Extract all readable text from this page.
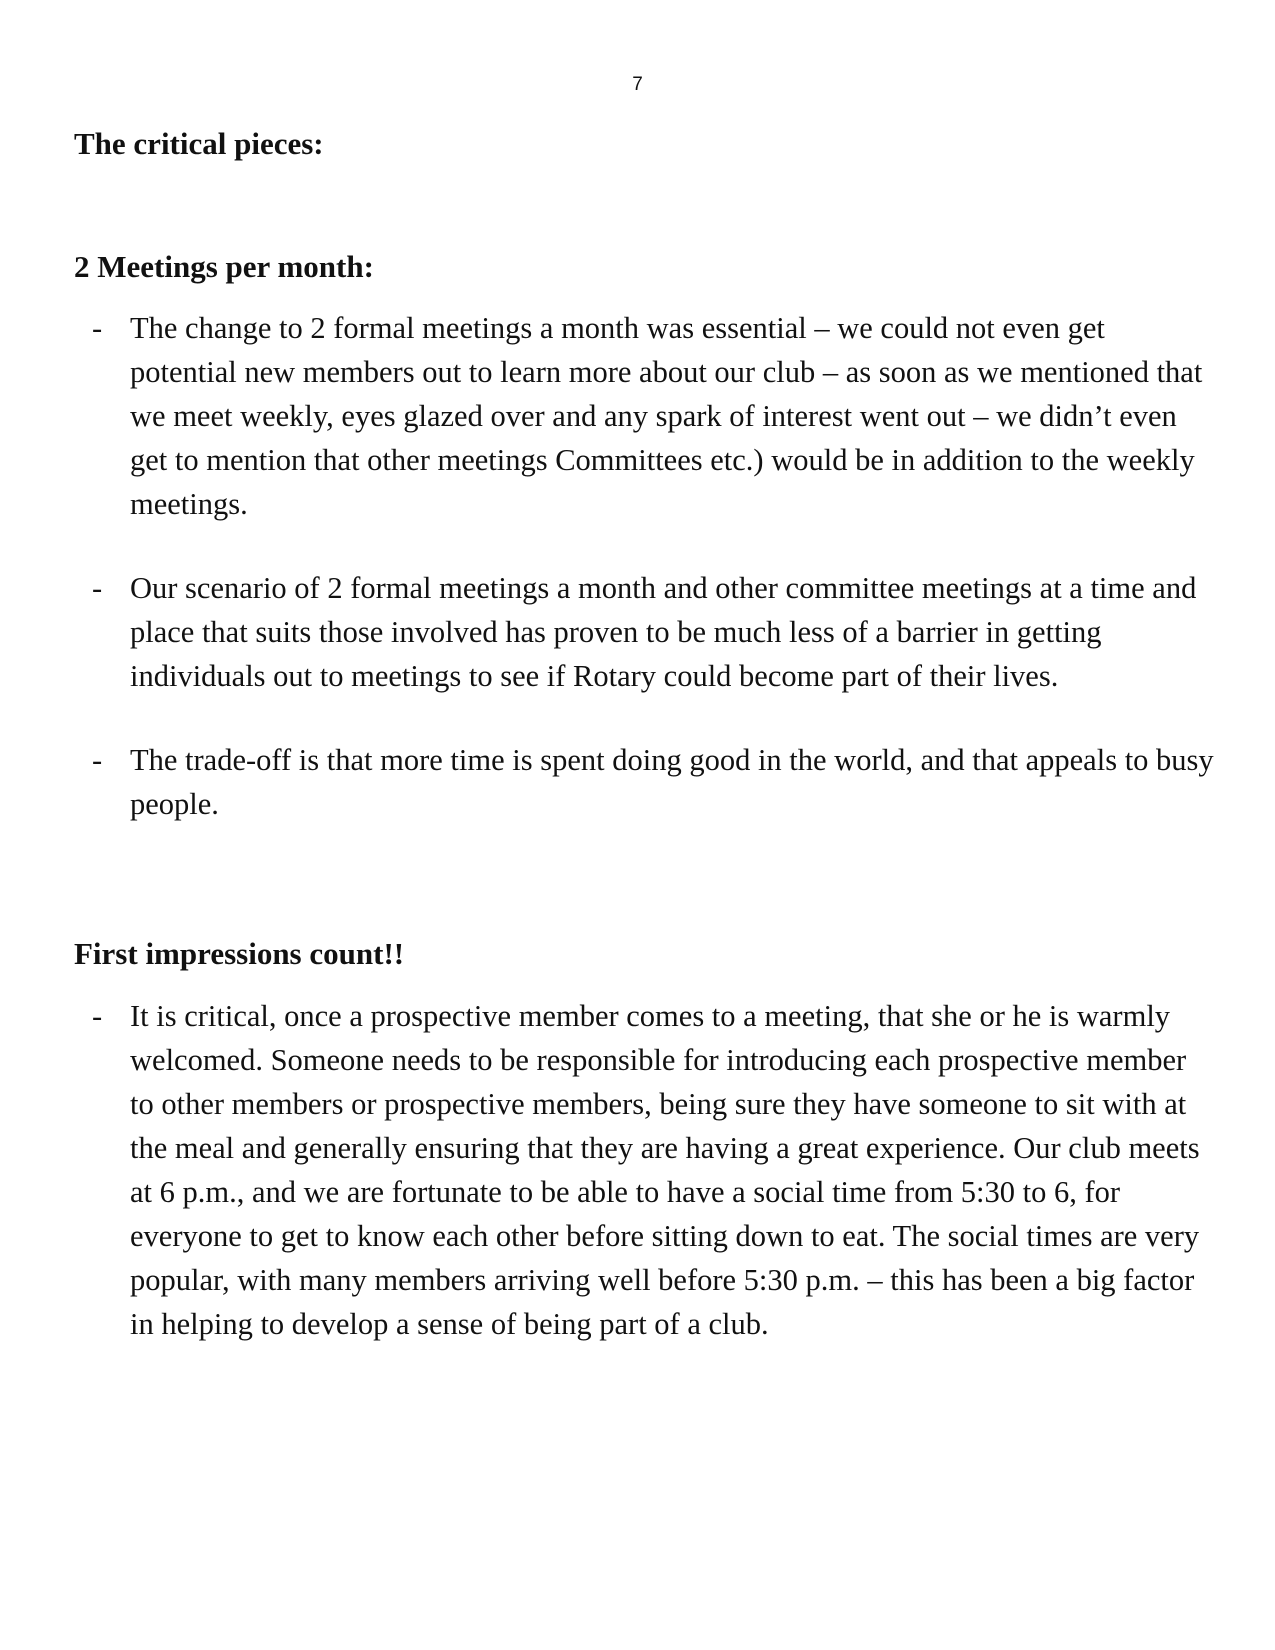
7
The critical pieces:
2 Meetings per month:
- The change to 2 formal meetings a month was essential – we could not even get potential new members out to learn more about our club – as soon as we mentioned that we meet weekly, eyes glazed over and any spark of interest went out – we didn’t even get to mention that other meetings Committees etc.) would be in addition to the weekly meetings.
- Our scenario of 2 formal meetings a month and other committee meetings at a time and place that suits those involved has proven to be much less of a barrier in getting individuals out to meetings to see if Rotary could become part of their lives.
- The trade-off is that more time is spent doing good in the world, and that appeals to busy people.
First impressions count!!
- It is critical, once a prospective member comes to a meeting, that she or he is warmly welcomed. Someone needs to be responsible for introducing each prospective member to other members or prospective members, being sure they have someone to sit with at the meal and generally ensuring that they are having a great experience. Our club meets at 6 p.m., and we are fortunate to be able to have a social time from 5:30 to 6, for everyone to get to know each other before sitting down to eat. The social times are very popular, with many members arriving well before 5:30 p.m. – this has been a big factor in helping to develop a sense of being part of a club.
